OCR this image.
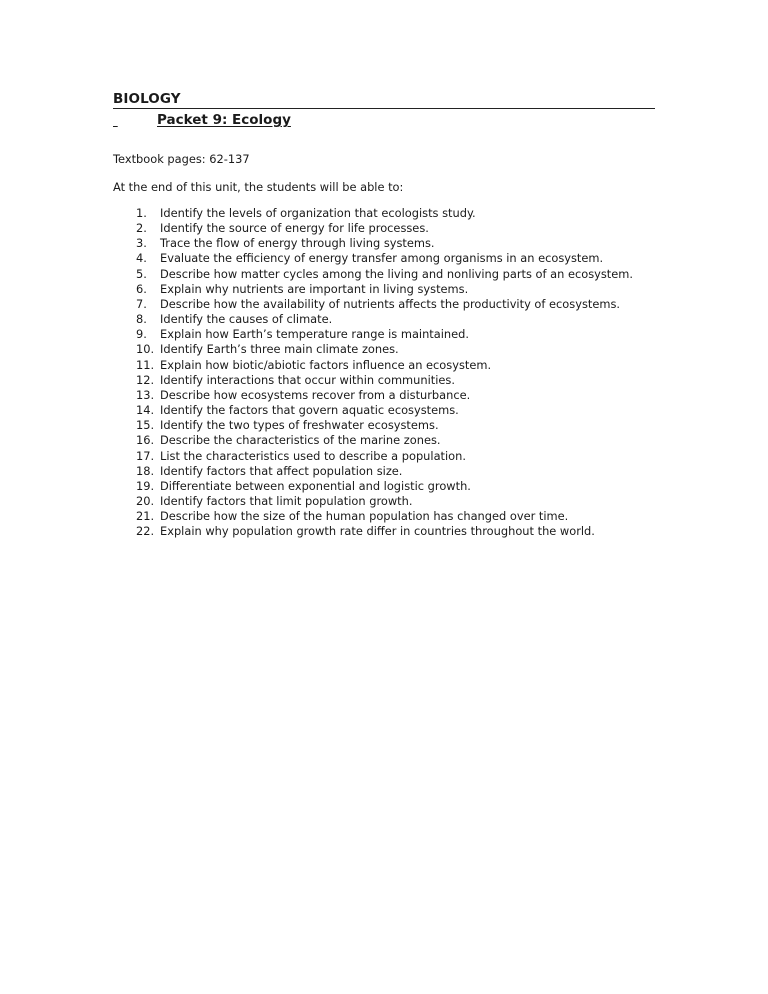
BIOLOGY
Packet 9: Ecology
Textbook pages: 62-137
At the end of this unit, the students will be able to:
1.	Identify the levels of organization that ecologists study.
2.	Identify the source of energy for life processes.
3.	Trace the flow of energy through living systems.
4.	Evaluate the efficiency of energy transfer among organisms in an ecosystem.
5.	Describe how matter cycles among the living and nonliving parts of an ecosystem.
6.	Explain why nutrients are important in living systems.
7.	Describe how the availability of nutrients affects the productivity of ecosystems.
8.	Identify the causes of climate.
9.	Explain how Earth’s temperature range is maintained.
10. Identify Earth’s three main climate zones.
11. Explain how biotic/abiotic factors influence an ecosystem.
12. Identify interactions that occur within communities.
13. Describe how ecosystems recover from a disturbance.
14. Identify the factors that govern aquatic ecosystems.
15. Identify the two types of freshwater ecosystems.
16. Describe the characteristics of the marine zones.
17. List the characteristics used to describe a population.
18. Identify factors that affect population size.
19. Differentiate between exponential and logistic growth.
20. Identify factors that limit population growth.
21. Describe how the size of the human population has changed over time.
22. Explain why population growth rate differ in countries throughout the world.
